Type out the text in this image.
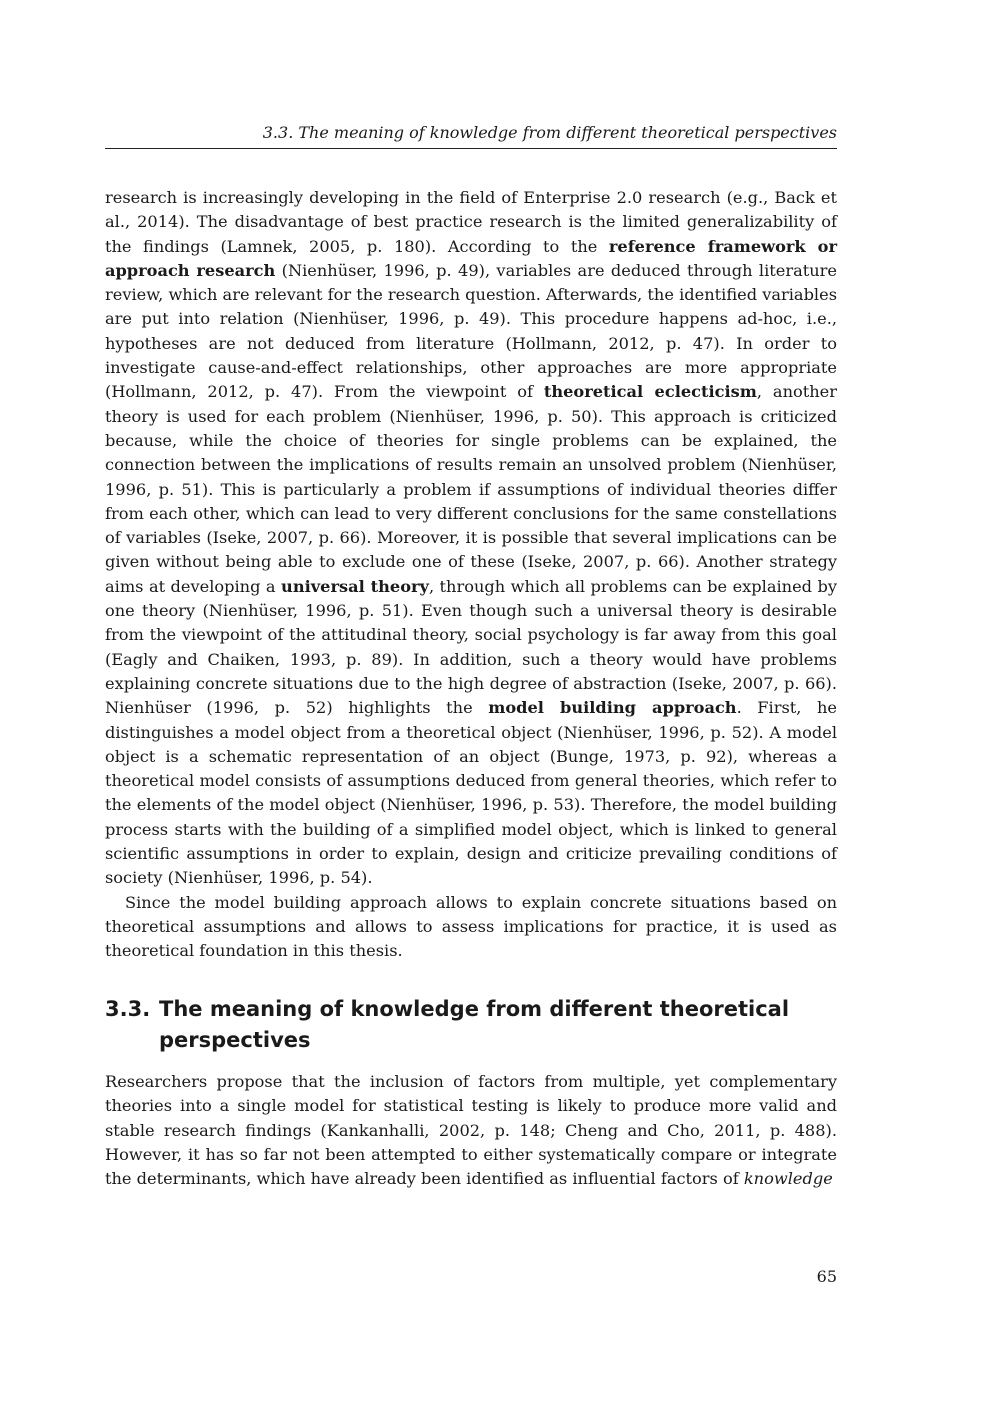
3.3. The meaning of knowledge from different theoretical perspectives

research is increasingly developing in the field of Enterprise 2.0 research (e.g., Back et al., 2014). The disadvantage of best practice research is the limited generalizability of the findings (Lamnek, 2005, p. 180). According to the reference framework or approach research (Nienhüser, 1996, p. 49), variables are deduced through literature review, which are relevant for the research question. Afterwards, the identified variables are put into relation (Nienhüser, 1996, p. 49). This procedure happens ad-hoc, i.e., hypotheses are not deduced from literature (Hollmann, 2012, p. 47). In order to investigate cause-and-effect relationships, other approaches are more appropriate (Hollmann, 2012, p. 47). From the viewpoint of theoretical eclecticism, another theory is used for each problem (Nienhüser, 1996, p. 50). This approach is criticized because, while the choice of theories for single problems can be explained, the connection between the implications of results remain an unsolved problem (Nienhüser, 1996, p. 51). This is particularly a problem if assumptions of individual theories differ from each other, which can lead to very different conclusions for the same constellations of variables (Iseke, 2007, p. 66). Moreover, it is possible that several implications can be given without being able to exclude one of these (Iseke, 2007, p. 66). Another strategy aims at developing a universal theory, through which all problems can be explained by one theory (Nienhüser, 1996, p. 51). Even though such a universal theory is desirable from the viewpoint of the attitudinal theory, social psychology is far away from this goal (Eagly and Chaiken, 1993, p. 89). In addition, such a theory would have problems explaining concrete situations due to the high degree of abstraction (Iseke, 2007, p. 66). Nienhüser (1996, p. 52) highlights the model building approach. First, he distinguishes a model object from a theoretical object (Nienhüser, 1996, p. 52). A model object is a schematic representation of an object (Bunge, 1973, p. 92), whereas a theoretical model consists of assumptions deduced from general theories, which refer to the elements of the model object (Nienhüser, 1996, p. 53). Therefore, the model building process starts with the building of a simplified model object, which is linked to general scientific assumptions in order to explain, design and criticize prevailing conditions of society (Nienhüser, 1996, p. 54).

Since the model building approach allows to explain concrete situations based on theoretical assumptions and allows to assess implications for practice, it is used as theoretical foundation in this thesis.

3.3. The meaning of knowledge from different theoretical perspectives

Researchers propose that the inclusion of factors from multiple, yet complementary theories into a single model for statistical testing is likely to produce more valid and stable research findings (Kankanhalli, 2002, p. 148; Cheng and Cho, 2011, p. 488). However, it has so far not been attempted to either systematically compare or integrate the determinants, which have already been identified as influential factors of knowledge

65
